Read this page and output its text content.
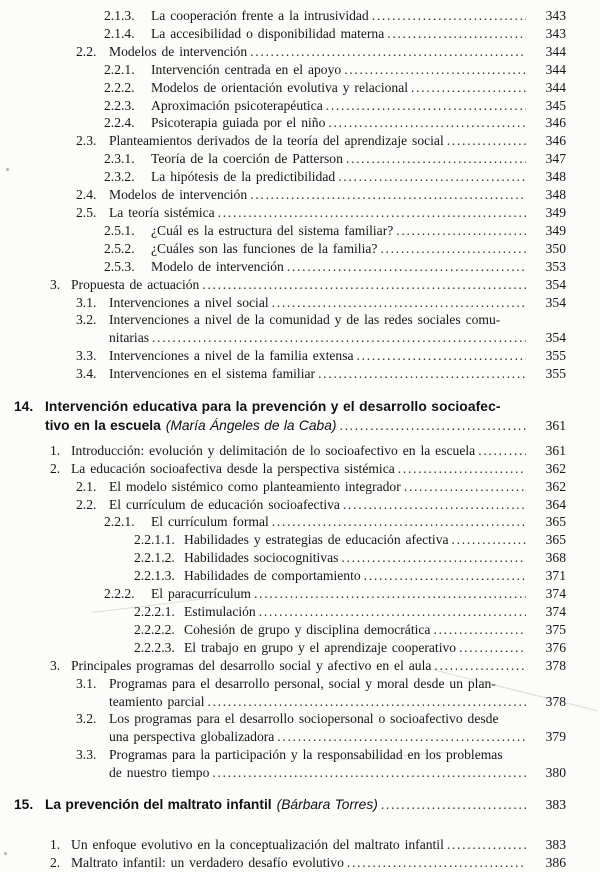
2.1.3.	La cooperación frente a la intrusividad .....	343
2.1.4.	La accesibilidad o disponibilidad materna .....	343
2.2. Modelos de intervención .....	344
2.2.1.	Intervención centrada en el apoyo .....	344
2.2.2.	Modelos de orientación evolutiva y relacional .....	344
2.2.3.	Aproximación psicoterapéutica .....	345
2.2.4.	Psicoterapia guiada por el niño .....	346
2.3. Planteamientos derivados de la teoría del aprendizaje social .....	346
2.3.1.	Teoría de la coerción de Patterson .....	347
2.3.2.	La hipótesis de la predictibilidad .....	348
2.4. Modelos de intervención .....	348
2.5. La teoría sistémica .....	349
2.5.1.	¿Cuál es la estructura del sistema familiar? .....	349
2.5.2.	¿Cuáles son las funciones de la familia? .....	350
2.5.3.	Modelo de intervención .....	353
3. Propuesta de actuación .....	354
3.1. Intervenciones a nivel social .....	354
3.2. Intervenciones a nivel de la comunidad y de las redes sociales comu-
nitarias .....	354
3.3. Intervenciones a nivel de la familia extensa .....	355
3.4. Intervenciones en el sistema familiar .....	355
14. Intervención educativa para la prevención y el desarrollo socioafec-
tivo en la escuela (María Ángeles de la Caba) .....	361
1. Introducción: evolución y delimitación de lo socioafectivo en la escuela .....	361
2. La educación socioafectiva desde la perspectiva sistémica .....	362
2.1. El modelo sistémico como planteamiento integrador .....	362
2.2. El currículum de educación socioafectiva .....	364
2.2.1.	El currículum formal .....	365
2.2.1.1. Habilidades y estrategias de educación afectiva .....	365
2.2.1.2. Habilidades sociocognitivas .....	368
2.2.1.3. Habilidades de comportamiento .....	371
2.2.2.	El paracurrículum .....	374
2.2.2.1. Estimulación .....	374
2.2.2.2. Cohesión de grupo y disciplina democrática .....	375
2.2.2.3. El trabajo en grupo y el aprendizaje cooperativo .....	376
3. Principales programas del desarrollo social y afectivo en el aula .....	378
3.1. Programas para el desarrollo personal, social y moral desde un plan-
teamiento parcial .....	378
3.2. Los programas para el desarrollo sociopersonal o socioafectivo desde
una perspectiva globalizadora .....	379
3.3. Programas para la participación y la responsabilidad en los problemas
de nuestro tiempo .....	380
15. La prevención del maltrato infantil (Bárbara Torres) .....	383
1. Un enfoque evolutivo en la conceptualización del maltrato infantil .....	383
2. Maltrato infantil: un verdadero desafío evolutivo .....	386
